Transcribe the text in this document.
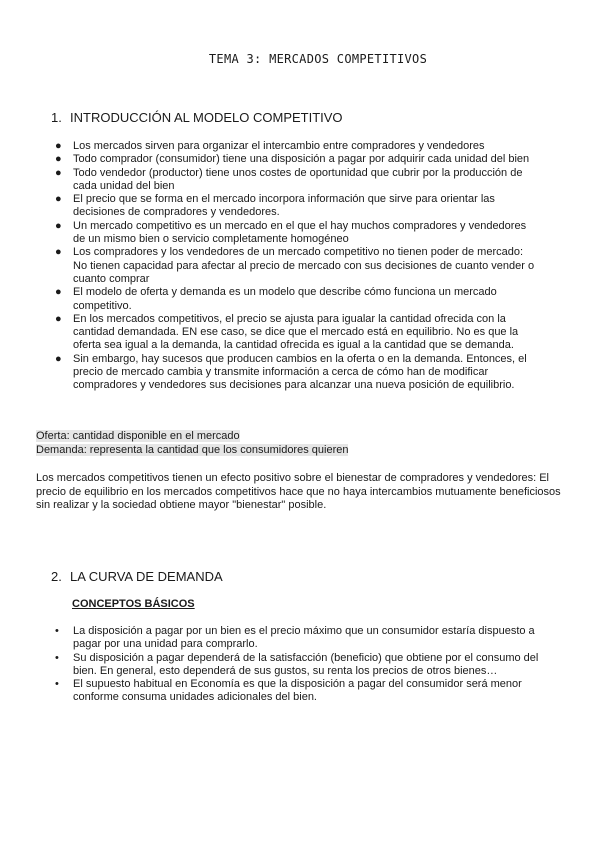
TEMA 3: MERCADOS COMPETITIVOS
1. INTRODUCCIÓN AL MODELO COMPETITIVO
● Los mercados sirven para organizar el intercambio entre compradores y vendedores
● Todo comprador (consumidor) tiene una disposición a pagar por adquirir cada unidad del bien
● Todo vendedor (productor) tiene unos costes de oportunidad que cubrir por la producción de cada unidad del bien
● El precio que se forma en el mercado incorpora información que sirve para orientar las decisiones de compradores y vendedores.
● Un mercado competitivo es un mercado en el que el hay muchos compradores y vendedores de un mismo bien o servicio completamente homogéneo
● Los compradores y los vendedores de un mercado competitivo no tienen poder de mercado: No tienen capacidad para afectar al precio de mercado con sus decisiones de cuanto vender o cuanto comprar
● El modelo de oferta y demanda es un modelo que describe cómo funciona un mercado competitivo.
● En los mercados competitivos, el precio se ajusta para igualar la cantidad ofrecida con la cantidad demandada. EN ese caso, se dice que el mercado está en equilibrio. No es que la oferta sea igual a la demanda, la cantidad ofrecida es igual a la cantidad que se demanda.
● Sin embargo, hay sucesos que producen cambios en la oferta o en la demanda. Entonces, el precio de mercado cambia y transmite información a cerca de cómo han de modificar compradores y vendedores sus decisiones para alcanzar una nueva posición de equilibrio.
Oferta: cantidad disponible en el mercado
Demanda: representa la cantidad que los consumidores quieren
Los mercados competitivos tienen un efecto positivo sobre el bienestar de compradores y vendedores: El precio de equilibrio en los mercados competitivos hace que no haya intercambios mutuamente beneficiosos sin realizar y la sociedad obtiene mayor "bienestar" posible.
2. LA CURVA DE DEMANDA
CONCEPTOS BÁSICOS
• La disposición a pagar por un bien es el precio máximo que un consumidor estaría dispuesto a pagar por una unidad para comprarlo.
• Su disposición a pagar dependerá de la satisfacción (beneficio) que obtiene por el consumo del bien. En general, esto dependerá de sus gustos, su renta los precios de otros bienes…
• El supuesto habitual en Economía es que la disposición a pagar del consumidor será menor conforme consuma unidades adicionales del bien.
